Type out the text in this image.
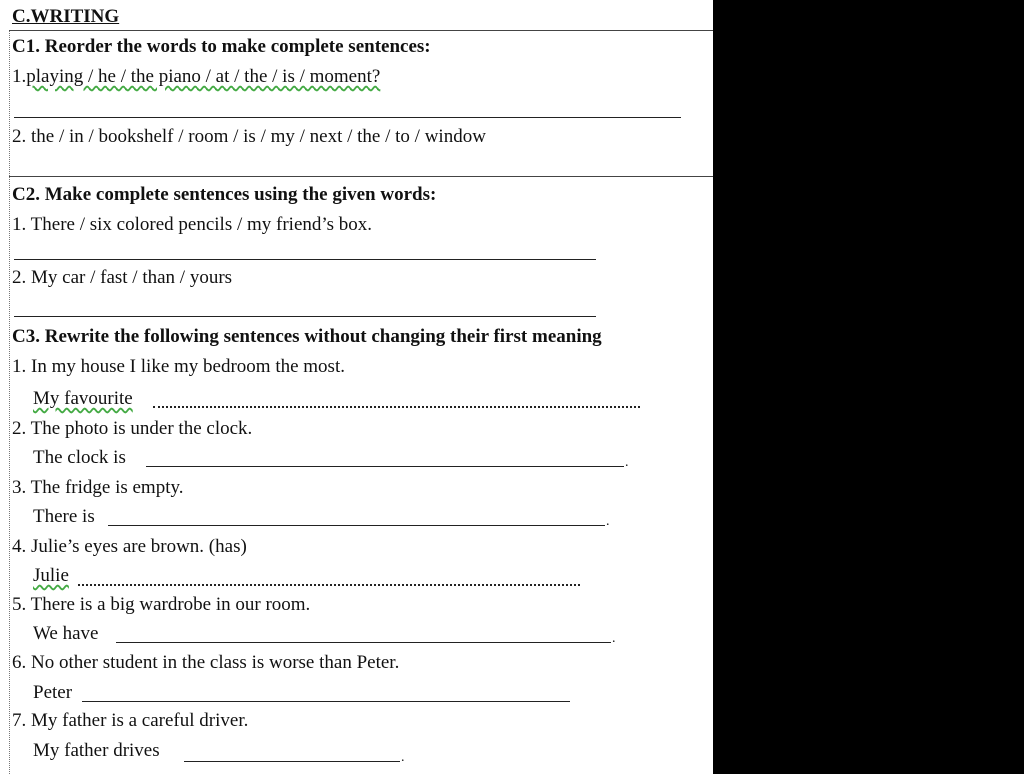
C.WRITING
C1. Reorder the words to make complete sentences:
1.playing / he / the piano / at / the / is / moment?
2. the / in / bookshelf / room / is / my / next / the / to / window
C2. Make complete sentences using the given words:
1. There / six colored pencils / my friend’s box.
2. My car / fast / than / yours
C3. Rewrite the following sentences without changing their first meaning
1. In my house I like my bedroom the most.
My favourite
2. The photo is under the clock.
The clock is	.
3. The fridge is empty.
There is	.
4. Julie’s eyes are brown. (has)
Julie
5. There is a big wardrobe in our room.
We have	.
6. No other student in the class is worse than Peter.
Peter
7. My father is a careful driver.
My father drives	.
